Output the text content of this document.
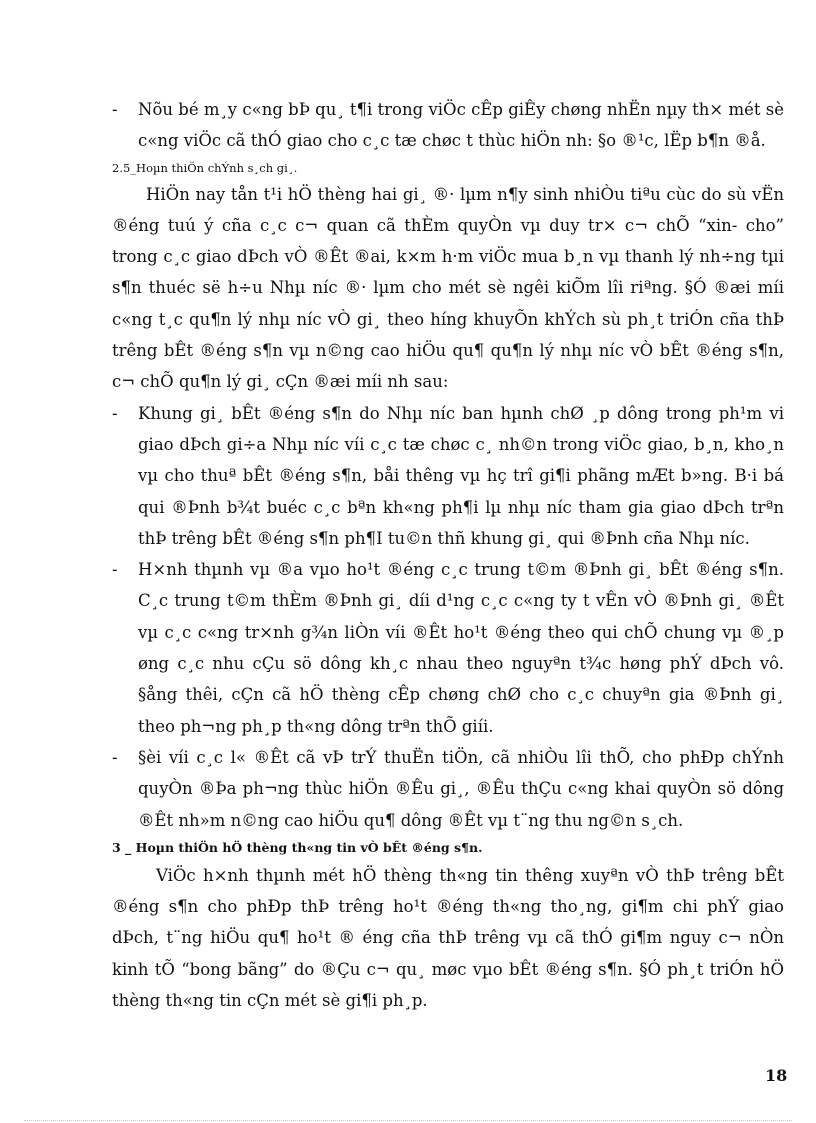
-	Nõu bé m¸y c«ng bÞ qu¸ t¶i trong viÖc cÊp giÊy chøng nhËn nµy th× mét sè c«ng viÖc cã thÓ giao cho c¸c tæ chøc t thùc hiÖn nh: §o ®¹c, lËp b¶n ®å.

2.5_Hoµn thiÖn chÝnh s¸ch gi¸.

HiÖn nay tån t¹i hÖ thèng hai gi¸ ®· lµm n¶y sinh nhiÒu tiªu cùc do sù vËn ®éng tuú ý cña c¸c c¬ quan cã thÈm quyÒn vµ duy tr× c¬ chÕ “xin- cho” trong c¸c giao dÞch vÒ ®Êt ®ai, k×m h·m viÖc mua b¸n vµ thanh lý nh÷ng tµi s¶n thuéc së h÷u Nhµ níc ®· lµm cho mét sè ngêi kiÕm lîi riªng. §Ó ®æi míi c«ng t¸c qu¶n lý nhµ níc vÒ gi¸ theo híng khuyÕn khÝch sù ph¸t triÓn cña thÞ trêng bÊt ®éng s¶n vµ n©ng cao hiÖu qu¶ qu¶n lý nhµ níc vÒ bÊt ®éng s¶n, c¬ chÕ qu¶n lý gi¸ cÇn ®æi míi nh sau:

-	Khung gi¸ bÊt ®éng s¶n do Nhµ níc ban hµnh chØ ¸p dông trong ph¹m vi giao dÞch gi÷a Nhµ níc víi c¸c tæ chøc c¸ nh©n trong viÖc giao, b¸n, kho¸n vµ cho thuª bÊt ®éng s¶n, båi thêng vµ hç trî gi¶i phãng mÆt b»ng. B·i bá qui ®Þnh b¾t buéc c¸c bªn kh«ng ph¶i lµ nhµ níc tham gia giao dÞch trªn thÞ trêng bÊt ®éng s¶n ph¶I tu©n thñ khung gi¸ qui ®Þnh cña Nhµ níc.
-	H×nh thµnh vµ ®a vµo ho¹t ®éng c¸c trung t©m ®Þnh gi¸ bÊt ®éng s¶n. C¸c trung t©m thÈm ®Þnh gi¸ díi d¹ng c¸c c«ng ty t vÊn vÒ ®Þnh gi¸ ®Êt vµ c¸c c«ng tr×nh g¾n liÒn víi ®Êt ho¹t ®éng theo qui chÕ chung vµ ®¸p øng c¸c nhu cÇu sö dông kh¸c nhau theo nguyªn t¾c høng phÝ dÞch vô. §ång thêi, cÇn cã hÖ thèng cÊp chøng chØ cho c¸c chuyªn gia ®Þnh gi¸ theo ph¬ng ph¸p th«ng dông trªn thÕ giíi.
-	§èi víi c¸c l« ®Êt cã vÞ trÝ thuËn tiÖn, cã nhiÒu lîi thÕ, cho phÐp chÝnh quyÒn ®Þa ph¬ng thùc hiÖn ®Êu gi¸, ®Êu thÇu c«ng khai quyÒn sö dông ®Êt nh»m n©ng cao hiÖu qu¶ dông ®Êt vµ t¨ng thu ng©n s¸ch.

3 _ Hoµn thiÖn hÖ thèng th«ng tin vÒ bÊt ®éng s¶n.

ViÖc h×nh thµnh mét hÖ thèng th«ng tin thêng xuyªn vÒ thÞ trêng bÊt ®éng s¶n cho phÐp thÞ trêng ho¹t ®éng th«ng tho¸ng, gi¶m chi phÝ giao dÞch, t¨ng hiÖu qu¶ ho¹t ® éng cña thÞ trêng vµ cã thÓ gi¶m nguy c¬ nÒn kinh tÕ “bong bãng” do ®Çu c¬ qu¸ møc vµo bÊt ®éng s¶n. §Ó ph¸t triÓn hÖ thèng th«ng tin cÇn mét sè gi¶i ph¸p.

18
